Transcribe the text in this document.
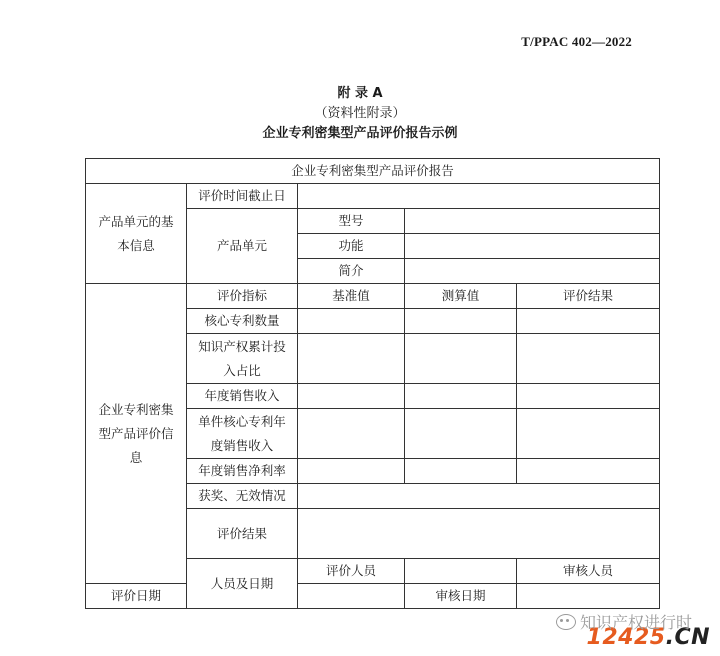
T/PPAC 402—2022
附 录 A
（资料性附录）
企业专利密集型产品评价报告示例
企业专利密集型产品评价报告					

产品单元的基本信息	评价时间截止日				
	产品单元	型号			
		功能			
		简介			

企业专利密集型产品评价信息	评价指标	基准值	测算值	评价结果	
	核心专利数量				

	知识产权累计投入占比				

	年度销售收入				

	单件核心专利年度销售收入				

	年度销售净利率				
	获奖、无效情况				
	评价结果				
	人员及日期	评价人员		审核人员	
评价日期			审核日期		
知识产权进行时
12425.CN
